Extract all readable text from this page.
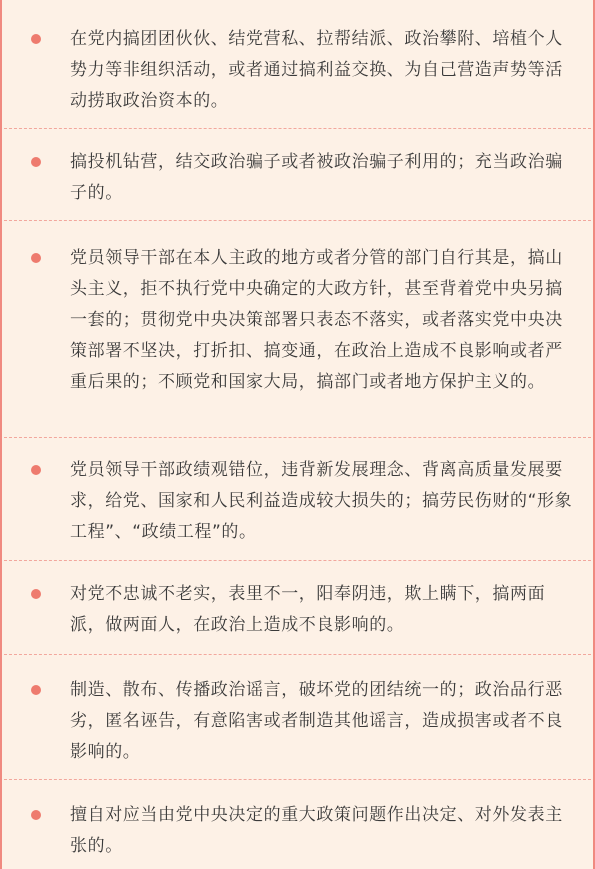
在党内搞团团伙伙、结党营私、拉帮结派、政治攀附、培植个人势力等非组织活动，或者通过搞利益交换、为自己营造声势等活动捞取政治资本的。
搞投机钻营，结交政治骗子或者被政治骗子利用的；充当政治骗子的。
党员领导干部在本人主政的地方或者分管的部门自行其是，搞山头主义，拒不执行党中央确定的大政方针，甚至背着党中央另搞一套的；贯彻党中央决策部署只表态不落实，或者落实党中央决策部署不坚决，打折扣、搞变通，在政治上造成不良影响或者严重后果的；不顾党和国家大局，搞部门或者地方保护主义的。
党员领导干部政绩观错位，违背新发展理念、背离高质量发展要求，给党、国家和人民利益造成较大损失的；搞劳民伤财的“形象工程”、“政绩工程”的。
对党不忠诚不老实，表里不一，阳奉阴违，欺上瞒下，搞两面派，做两面人，在政治上造成不良影响的。
制造、散布、传播政治谣言，破坏党的团结统一的；政治品行恶劣，匿名诬告，有意陷害或者制造其他谣言，造成损害或者不良影响的。
擅自对应当由党中央决定的重大政策问题作出决定、对外发表主张的。
